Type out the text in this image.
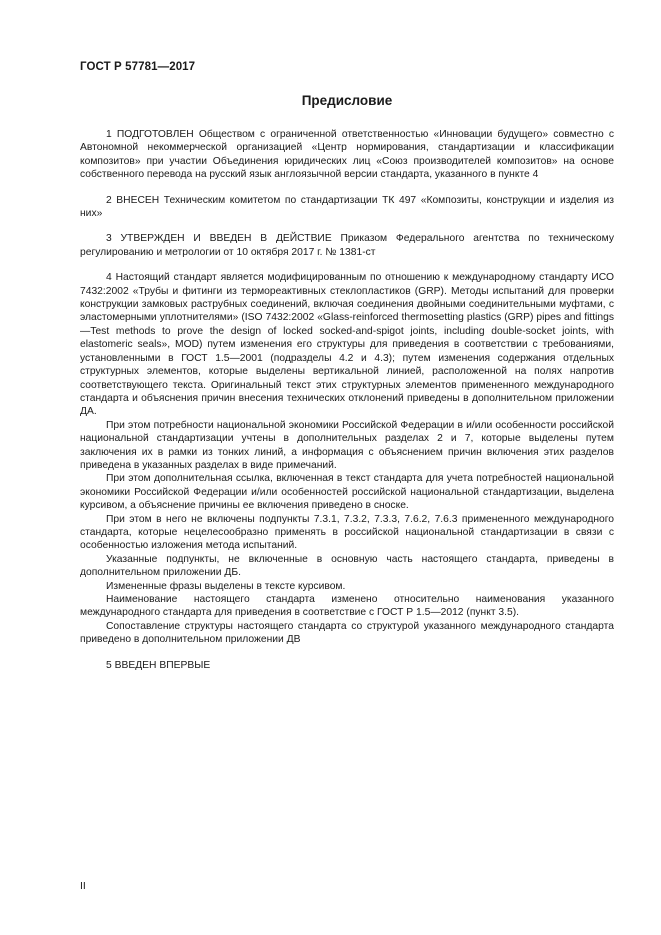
ГОСТ Р 57781—2017
Предисловие

1 ПОДГОТОВЛЕН Обществом с ограниченной ответственностью «Инновации будущего» совместно с Автономной некоммерческой организацией «Центр нормирования, стандартизации и классификации композитов» при участии Объединения юридических лиц «Союз производителей композитов» на основе собственного перевода на русский язык англоязычной версии стандарта, указанного в пункте 4

2 ВНЕСЕН Техническим комитетом по стандартизации ТК 497 «Композиты, конструкции и изделия из них»

3 УТВЕРЖДЕН И ВВЕДЕН В ДЕЙСТВИЕ Приказом Федерального агентства по техническому регулированию и метрологии от 10 октября 2017 г. № 1381-ст

4 Настоящий стандарт является модифицированным по отношению к международному стандарту ИСО 7432:2002 «Трубы и фитинги из термореактивных стеклопластиков (GRP). Методы испытаний для проверки конструкции замковых раструбных соединений, включая соединения двойными соединительными муфтами, с эластомерными уплотнителями» (ISO 7432:2002 «Glass-reinforced thermosetting plastics (GRP) pipes and fittings —Test methods to prove the design of locked socked-and-spigot joints, including double-socket joints, with elastomeric seals», MOD) путем изменения его структуры для приведения в соответствии с требованиями, установленными в ГОСТ 1.5—2001 (подразделы 4.2 и 4.3); путем изменения содержания отдельных структурных элементов, которые выделены вертикальной линией, расположенной на полях напротив соответствующего текста. Оригинальный текст этих структурных элементов примененного международного стандарта и объяснения причин внесения технических отклонений приведены в дополнительном приложении ДА.

При этом потребности национальной экономики Российской Федерации в и/или особенности российской национальной стандартизации учтены в дополнительных разделах 2 и 7, которые выделены путем заключения их в рамки из тонких линий, а информация с объяснением причин включения этих разделов приведена в указанных разделах в виде примечаний.

При этом дополнительная ссылка, включенная в текст стандарта для учета потребностей национальной экономики Российской Федерации и/или особенностей российской национальной стандартизации, выделена курсивом, а объяснение причины ее включения приведено в сноске.

При этом в него не включены подпункты 7.3.1, 7.3.2, 7.3.3, 7.6.2, 7.6.3 примененного международного стандарта, которые нецелесообразно применять в российской национальной стандартизации в связи с особенностью изложения метода испытаний.

Указанные подпункты, не включенные в основную часть настоящего стандарта, приведены в дополнительном приложении ДБ.

Измененные фразы выделены в тексте курсивом.

Наименование настоящего стандарта изменено относительно наименования указанного международного стандарта для приведения в соответствие с ГОСТ Р 1.5—2012 (пункт 3.5).

Сопоставление структуры настоящего стандарта со структурой указанного международного стандарта приведено в дополнительном приложении ДВ

5 ВВЕДЕН ВПЕРВЫЕ

II
